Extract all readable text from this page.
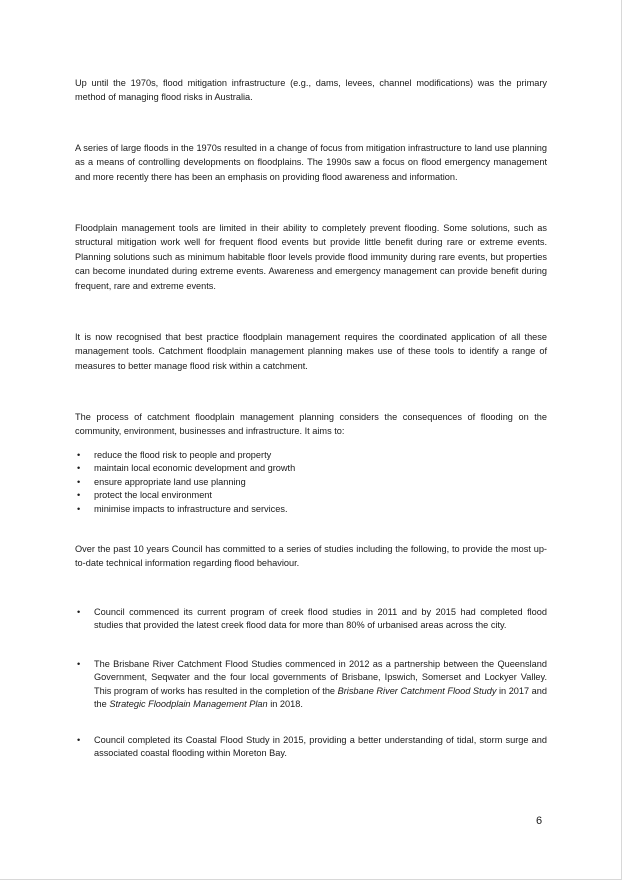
Up until the 1970s, flood mitigation infrastructure (e.g., dams, levees, channel modifications) was the primary method of managing flood risks in Australia.

A series of large floods in the 1970s resulted in a change of focus from mitigation infrastructure to land use planning as a means of controlling developments on floodplains. The 1990s saw a focus on flood emergency management and more recently there has been an emphasis on providing flood awareness and information.

Floodplain management tools are limited in their ability to completely prevent flooding. Some solutions, such as structural mitigation work well for frequent flood events but provide little benefit during rare or extreme events. Planning solutions such as minimum habitable floor levels provide flood immunity during rare events, but properties can become inundated during extreme events. Awareness and emergency management can provide benefit during frequent, rare and extreme events.

It is now recognised that best practice floodplain management requires the coordinated application of all these management tools. Catchment floodplain management planning makes use of these tools to identify a range of measures to better manage flood risk within a catchment.

The process of catchment floodplain management planning considers the consequences of flooding on the community, environment, businesses and infrastructure. It aims to:

• reduce the flood risk to people and property
• maintain local economic development and growth
• ensure appropriate land use planning
• protect the local environment
• minimise impacts to infrastructure and services.

Over the past 10 years Council has committed to a series of studies including the following, to provide the most up-to-date technical information regarding flood behaviour.

• Council commenced its current program of creek flood studies in 2011 and by 2015 had completed flood studies that provided the latest creek flood data for more than 80% of urbanised areas across the city.

• The Brisbane River Catchment Flood Studies commenced in 2012 as a partnership between the Queensland Government, Seqwater and the four local governments of Brisbane, Ipswich, Somerset and Lockyer Valley. This program of works has resulted in the completion of the Brisbane River Catchment Flood Study in 2017 and the Strategic Floodplain Management Plan in 2018.

• Council completed its Coastal Flood Study in 2015, providing a better understanding of tidal, storm surge and associated coastal flooding within Moreton Bay.

6
